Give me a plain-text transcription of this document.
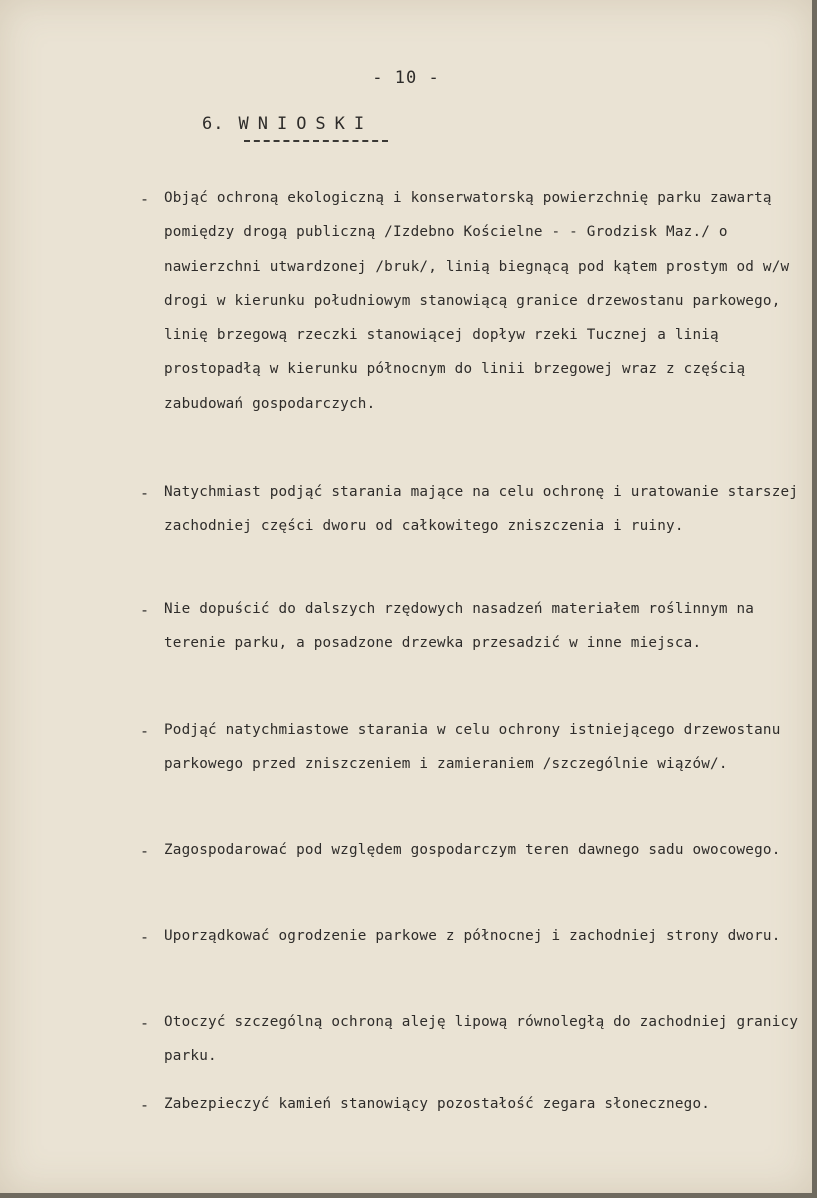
- 10 -
6. WNIOSKI
- Objąć ochroną ekologiczną i konserwatorską powierzchnię parku zawartą pomiędzy drogą publiczną /Izdebno Kościelne - - Grodzisk Maz./ o nawierzchni utwardzonej /bruk/, linią biegnącą pod kątem prostym od w/w drogi w kierunku południowym stanowiącą granice drzewostanu parkowego, linię brzegową rzeczki stanowiącej dopływ rzeki Tucznej a linią prostopadłą w kierunku północnym do linii brzegowej wraz z częścią zabudowań gospodarczych.
- Natychmiast podjąć starania mające na celu ochronę i uratowanie starszej zachodniej części dworu od całkowitego zniszczenia i ruiny.
- Nie dopuścić do dalszych rzędowych nasadzeń materiałem roślinnym na terenie parku, a posadzone drzewka przesadzić w inne miejsca.
- Podjąć natychmiastowe starania w celu ochrony istniejącego drzewostanu parkowego przed zniszczeniem i zamieraniem /szczególnie wiązów/.
- Zagospodarować pod względem gospodarczym teren dawnego sadu owocowego.
- Uporządkować ogrodzenie parkowe z północnej i zachodniej strony dworu.
- Otoczyć szczególną ochroną aleję lipową równoległą do zachodniej granicy parku.
- Zabezpieczyć kamień stanowiący pozostałość zegara słonecznego.
